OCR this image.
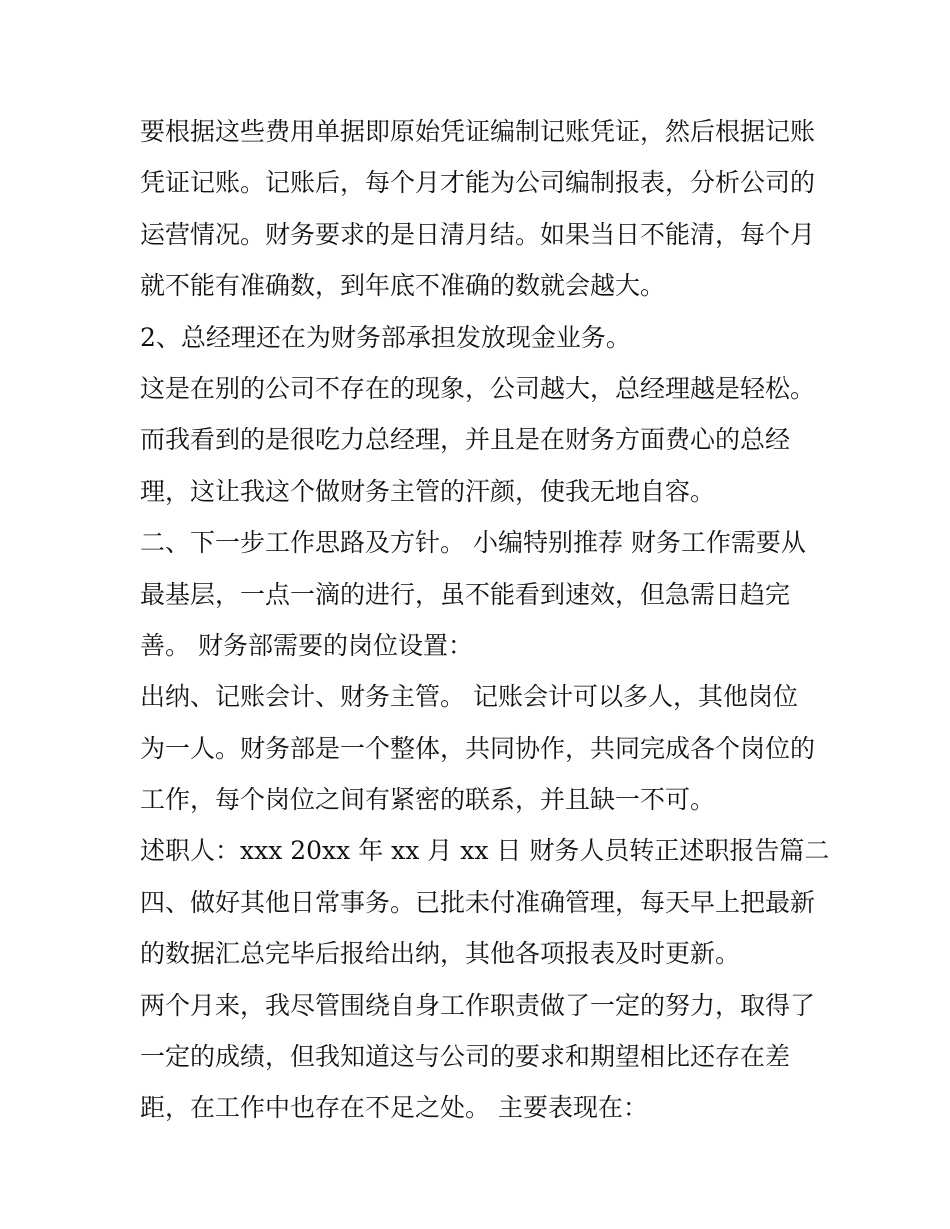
要根据这些费用单据即原始凭证编制记账凭证，然后根据记账
凭证记账。记账后，每个月才能为公司编制报表，分析公司的
运营情况。财务要求的是日清月结。如果当日不能清，每个月
就不能有准确数，到年底不准确的数就会越大。
2、总经理还在为财务部承担发放现金业务。
这是在别的公司不存在的现象，公司越大，总经理越是轻松。
而我看到的是很吃力总经理，并且是在财务方面费心的总经
理，这让我这个做财务主管的汗颜，使我无地自容。
二、下一步工作思路及方针。 小编特别推荐 财务工作需要从
最基层，一点一滴的进行，虽不能看到速效，但急需日趋完
善。 财务部需要的岗位设置：
出纳、记账会计、财务主管。 记账会计可以多人，其他岗位
为一人。财务部是一个整体，共同协作，共同完成各个岗位的
工作，每个岗位之间有紧密的联系，并且缺一不可。
述职人：xxx 20xx 年 xx 月 xx 日 财务人员转正述职报告篇二
四、做好其他日常事务。已批未付准确管理，每天早上把最新
的数据汇总完毕后报给出纳，其他各项报表及时更新。
两个月来，我尽管围绕自身工作职责做了一定的努力，取得了
一定的成绩，但我知道这与公司的要求和期望相比还存在差
距，在工作中也存在不足之处。 主要表现在：
